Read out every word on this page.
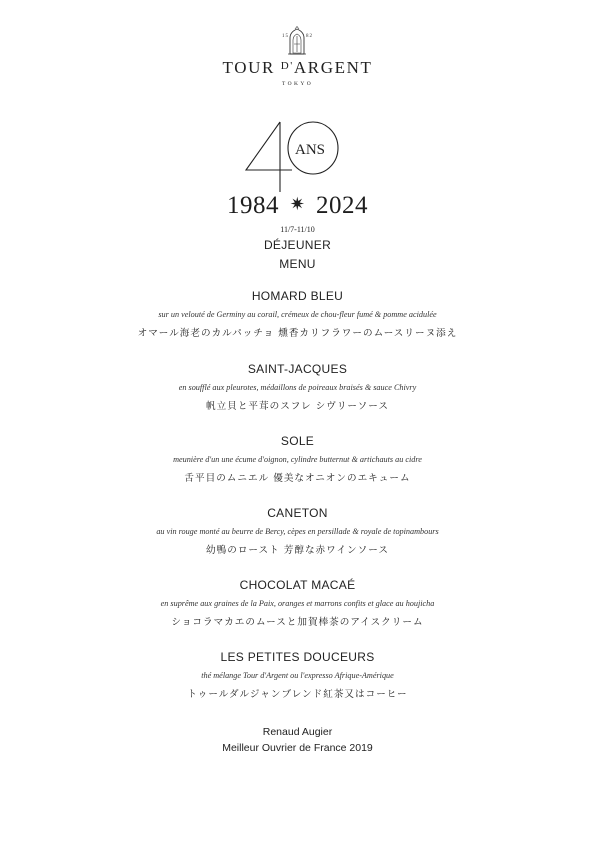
15	82
TOUR $^{D'}$ARGENT
TOKYO
ANS
1984 ✷ 2024
11/7-11/10
DÉJEUNER
MENU
HOMARD BLEU
sur un velouté de Germiny au corail, crémeux de chou-fleur fumé & pomme acidulée
オマール海老のカルパッチョ 燻香カリフラワーのムースリーヌ添え
SAINT-JACQUES
en soufflé aux pleurotes, médaillons de poireaux braisés & sauce Chivry
帆立貝と平茸のスフレ シヴリーソース
SOLE
meunière d'un une écume d'oignon, cylindre butternut & artichauts au cidre
舌平目のムニエル 優美なオニオンのエキューム
CANETON
au vin rouge monté au beurre de Bercy, cèpes en persillade & royale de topinambours
幼鴨のロースト 芳醇な赤ワインソース
CHOCOLAT MACAÉ
en suprême aux graines de la Paix, oranges et marrons confits et glace au houjicha
ショコラマカエのムースと加賀棒茶のアイスクリーム
LES PETITES DOUCEURS
thé mélange Tour d'Argent ou l'expresso Afrique-Amérique
トゥールダルジャンブレンド紅茶又はコーヒー
Renaud Augier
Meilleur Ouvrier de France 2019
